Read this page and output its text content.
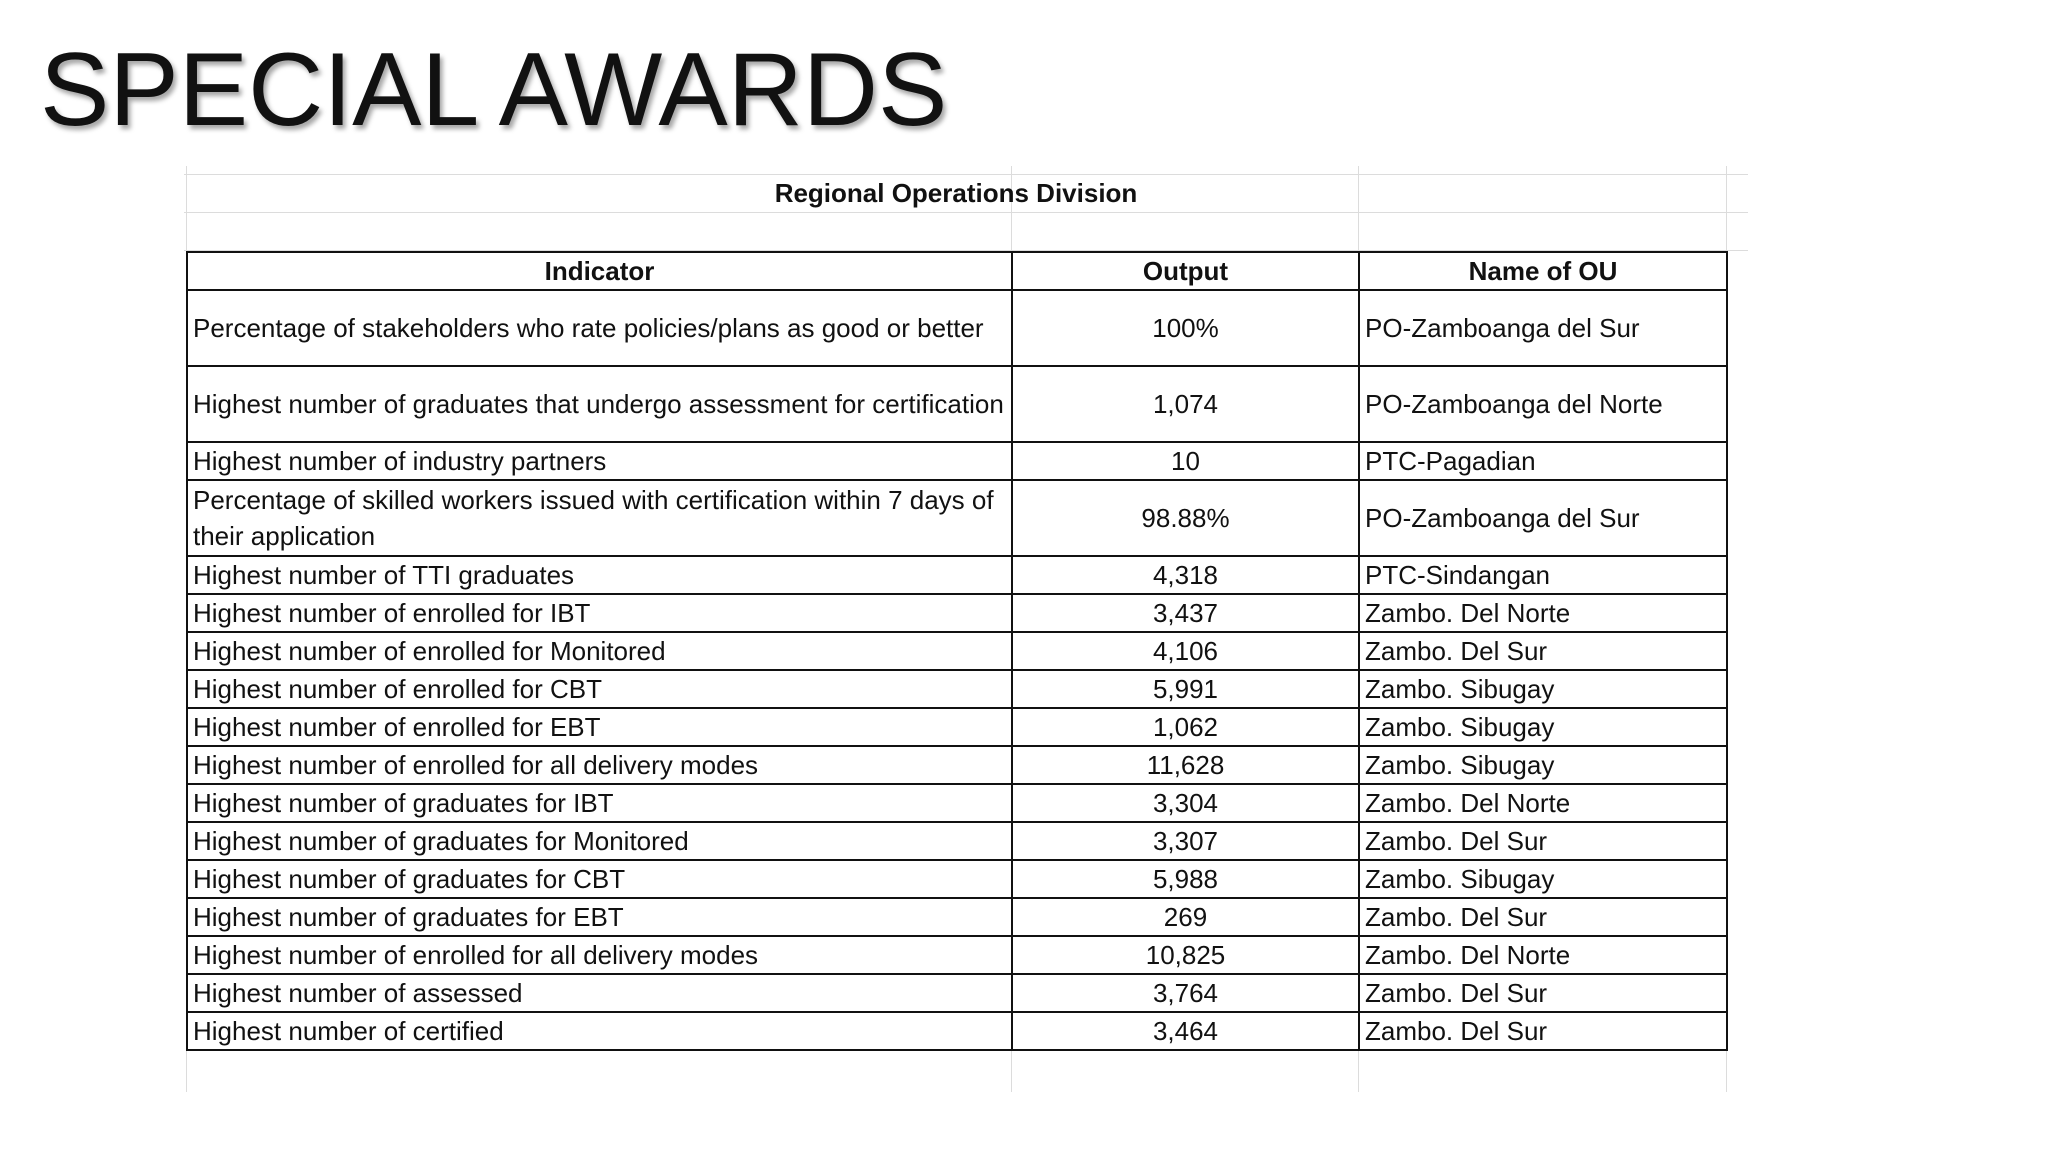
SPECIAL AWARDS
Regional Operations Division
Indicator	Output	Name of OU
Percentage of stakeholders who rate policies/plans as good or better	100%	PO-Zamboanga del Sur
Highest number of graduates that undergo assessment for certification	1,074	PO-Zamboanga del Norte
Highest number of industry partners	10	PTC-Pagadian
Percentage of skilled workers issued with certification within 7 days of their application	98.88%	PO-Zamboanga del Sur
Highest number of TTI graduates	4,318	PTC-Sindangan
Highest number of enrolled for IBT	3,437	Zambo. Del Norte
Highest number of enrolled for Monitored	4,106	Zambo. Del Sur
Highest number of enrolled for CBT	5,991	Zambo. Sibugay
Highest number of enrolled for EBT	1,062	Zambo. Sibugay
Highest number of enrolled for all delivery modes	11,628	Zambo. Sibugay
Highest number of graduates for IBT	3,304	Zambo. Del Norte
Highest number of graduates for Monitored	3,307	Zambo. Del Sur
Highest number of graduates for CBT	5,988	Zambo. Sibugay
Highest number of graduates for EBT	269	Zambo. Del Sur
Highest number of enrolled for all delivery modes	10,825	Zambo. Del Norte
Highest number of assessed	3,764	Zambo. Del Sur
Highest number of certified	3,464	Zambo. Del Sur
